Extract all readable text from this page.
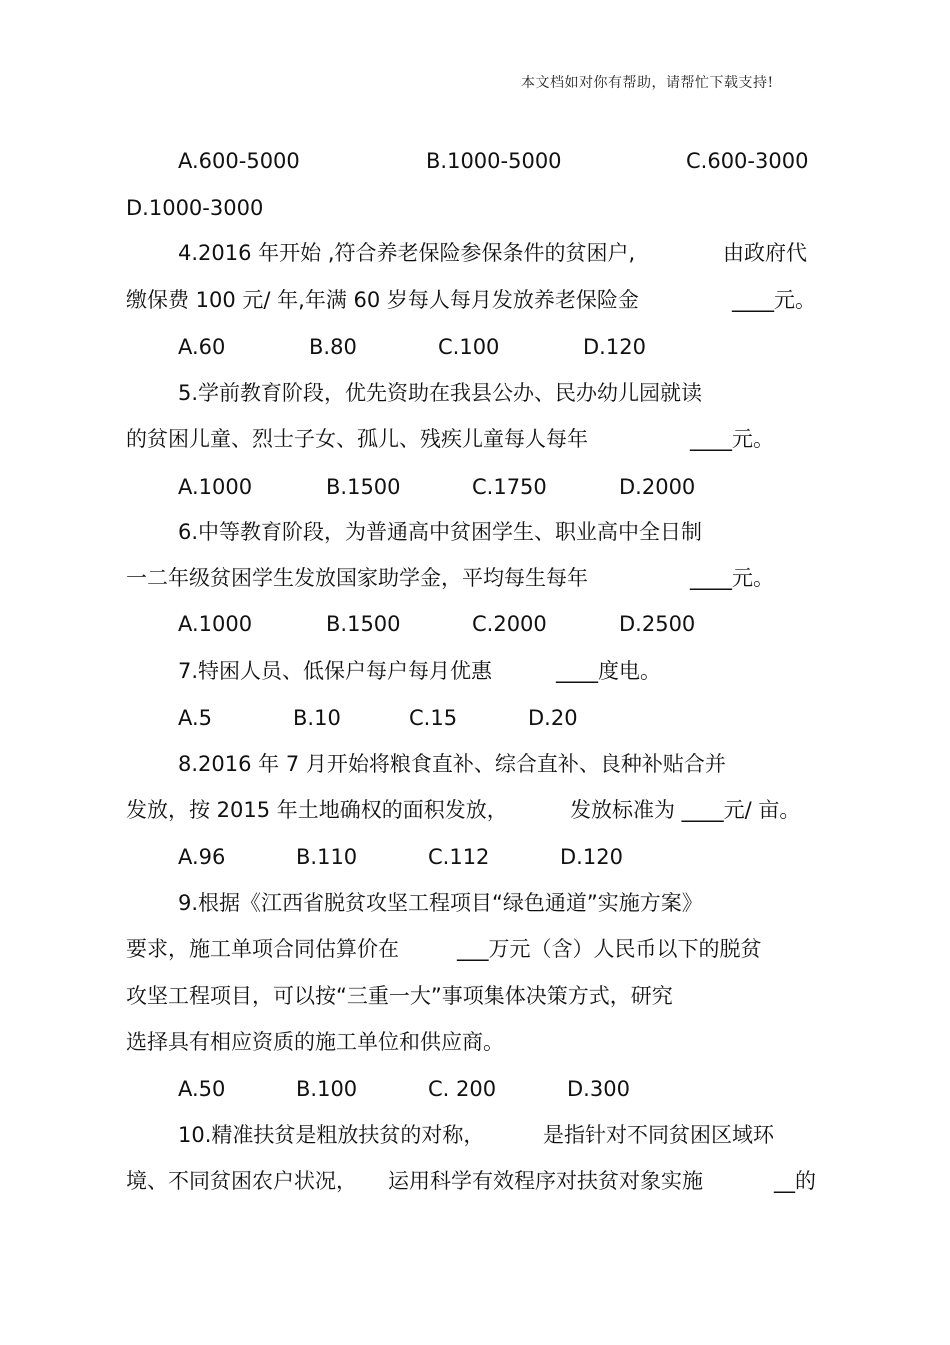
本文档如对你有帮助，请帮忙下载支持!
A.600-5000	B.1000-5000	C.600-3000
D.1000-3000
4.2016 年开始 ,符合养老保险参保条件的贫困户,	由政府代
缴保费 100 元/ 年,年满 60 岁每人每月发放养老保险金	____元。
A.60	B.80	C.100	D.120
5.学前教育阶段，优先资助在我县公办、民办幼儿园就读
的贫困儿童、烈士子女、孤儿、残疾儿童每人每年	____元。
A.1000	B.1500	C.1750	D.2000
6.中等教育阶段，为普通高中贫困学生、职业高中全日制
一二年级贫困学生发放国家助学金，平均每生每年	____元。
A.1000	B.1500	C.2000	D.2500
7.特困人员、低保户每户每月优惠	____度电。
A.5	B.10	C.15	D.20
8.2016 年 7 月开始将粮食直补、综合直补、良种补贴合并
发放，按 2015 年土地确权的面积发放，	发放标准为 ____元/ 亩。
A.96	B.110	C.112	D.120
9.根据《江西省脱贫攻坚工程项目“绿色通道”实施方案》
要求，施工单项合同估算价在	___万元（含）人民币以下的脱贫
攻坚工程项目，可以按“三重一大”事项集体决策方式，研究
选择具有相应资质的施工单位和供应商。
A.50	B.100	C. 200	D.300
10.精准扶贫是粗放扶贫的对称，	是指针对不同贫困区域环
境、不同贫困农户状况， 运用科学有效程序对扶贫对象实施	__的
